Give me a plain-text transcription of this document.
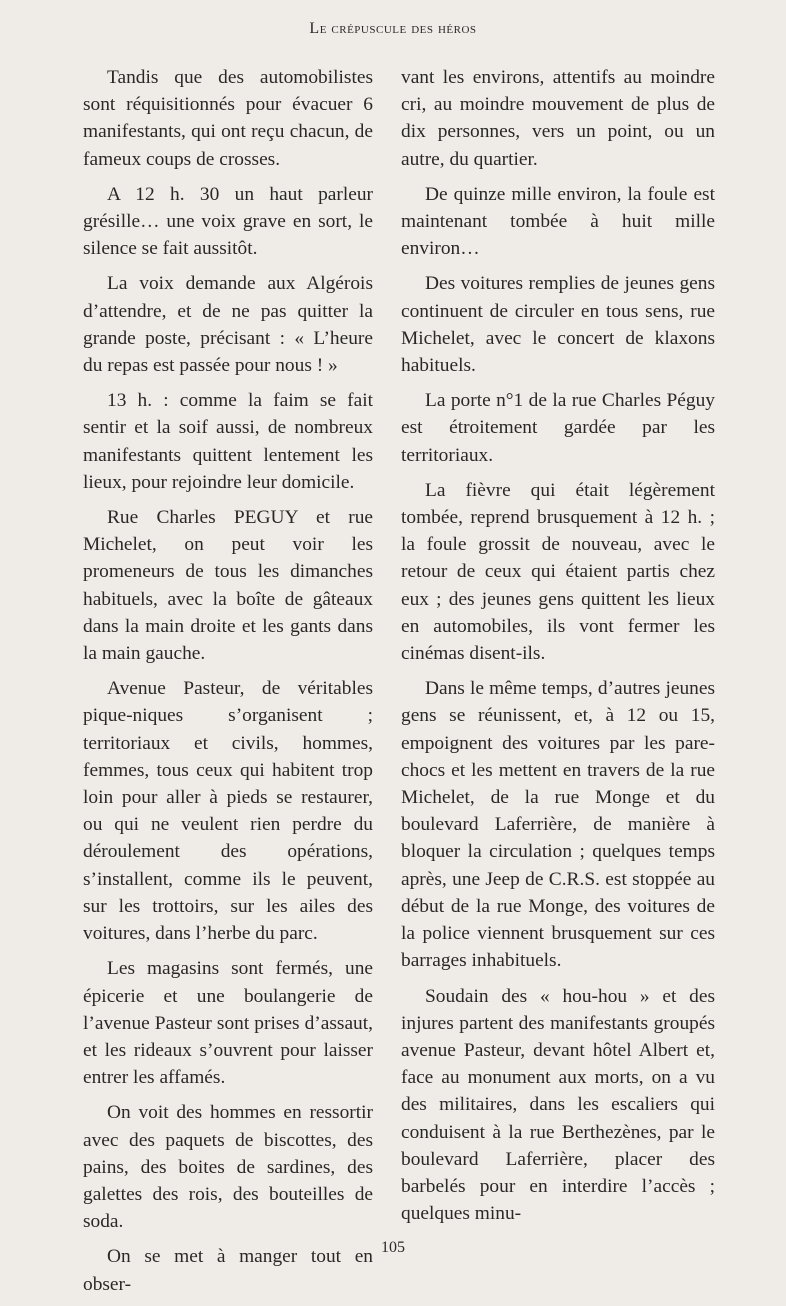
Le crépuscule des héros

Tandis que des automobilistes sont réquisitionnés pour évacuer 6 manifestants, qui ont reçu chacun, de fameux coups de crosses.

A 12 h. 30 un haut parleur grésille… une voix grave en sort, le silence se fait aussitôt.

La voix demande aux Algérois d’attendre, et de ne pas quitter la grande poste, précisant : « L’heure du repas est passée pour nous ! »

13 h. : comme la faim se fait sentir et la soif aussi, de nombreux manifestants quittent lentement les lieux, pour rejoindre leur domicile.

Rue Charles PEGUY et rue Michelet, on peut voir les promeneurs de tous les dimanches habituels, avec la boîte de gâteaux dans la main droite et les gants dans la main gauche.

Avenue Pasteur, de véritables pique-niques s’organisent ; territoriaux et civils, hommes, femmes, tous ceux qui habitent trop loin pour aller à pieds se restaurer, ou qui ne veulent rien perdre du déroulement des opérations, s’installent, comme ils le peuvent, sur les trottoirs, sur les ailes des voitures, dans l’herbe du parc.

Les magasins sont fermés, une épicerie et une boulangerie de l’avenue Pasteur sont prises d’assaut, et les rideaux s’ouvrent pour laisser entrer les affamés.

On voit des hommes en ressortir avec des paquets de biscottes, des pains, des boites de sardines, des galettes des rois, des bouteilles de soda.

On se met à manger tout en obser-

vant les environs, attentifs au moindre cri, au moindre mouvement de plus de dix personnes, vers un point, ou un autre, du quartier.

De quinze mille environ, la foule est maintenant tombée à huit mille environ…

Des voitures remplies de jeunes gens continuent de circuler en tous sens, rue Michelet, avec le concert de klaxons habituels.

La porte n°1 de la rue Charles Péguy est étroitement gardée par les territoriaux.

La fièvre qui était légèrement tombée, reprend brusquement à 12 h. ; la foule grossit de nouveau, avec le retour de ceux qui étaient partis chez eux ; des jeunes gens quittent les lieux en automobiles, ils vont fermer les cinémas disent-ils.

Dans le même temps, d’autres jeunes gens se réunissent, et, à 12 ou 15, empoignent des voitures par les pare-chocs et les mettent en travers de la rue Michelet, de la rue Monge et du boulevard Laferrière, de manière à bloquer la circulation ; quelques temps après, une Jeep de C.R.S. est stoppée au début de la rue Monge, des voitures de la police viennent brusquement sur ces barrages inhabituels.

Soudain des « hou-hou » et des injures partent des manifestants groupés avenue Pasteur, devant hôtel Albert et, face au monument aux morts, on a vu des militaires, dans les escaliers qui conduisent à la rue Berthezènes, par le boulevard Laferrière, placer des barbelés pour en interdire l’accès ; quelques minu-

105
